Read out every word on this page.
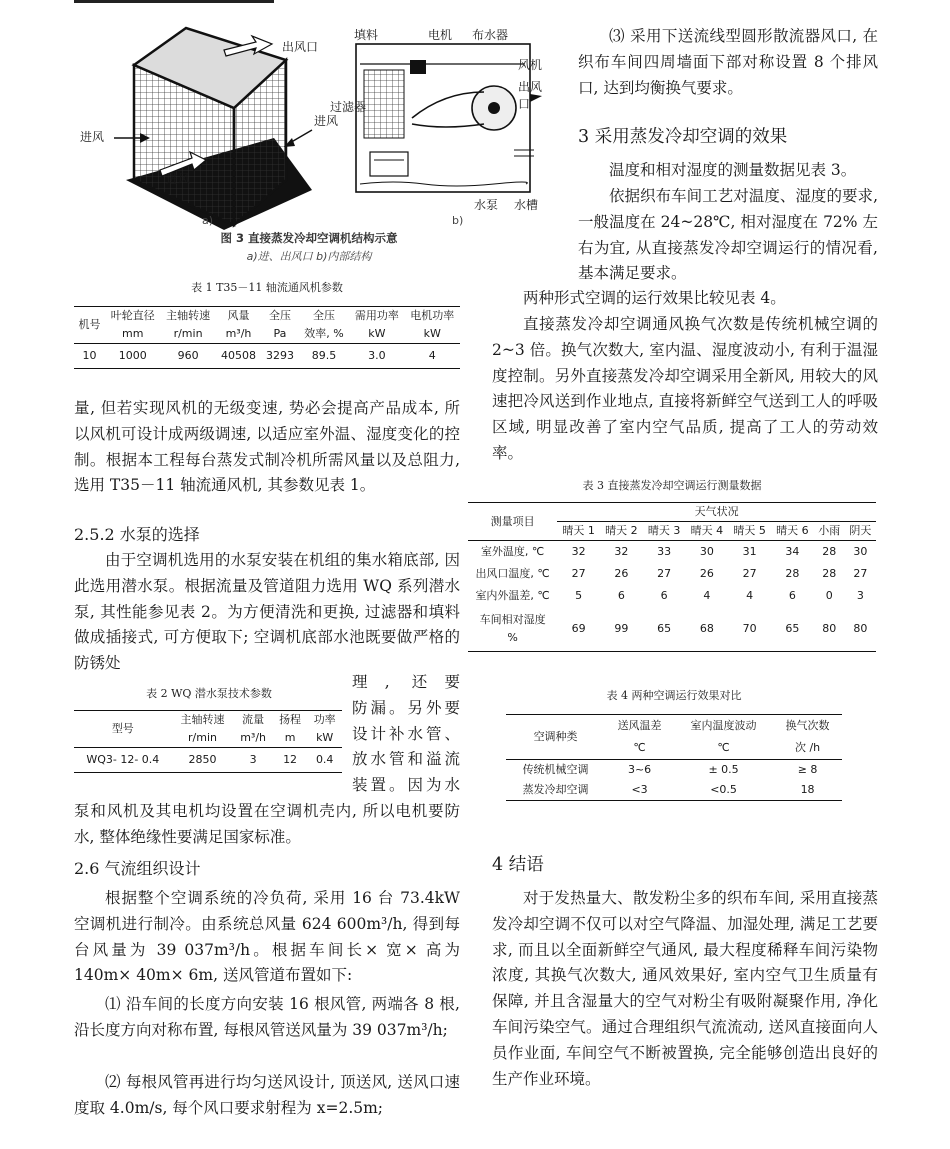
出风口
进风
进风
进风
填料	电机 布水器
风机
出风口
过滤器
水泵 水槽
a)	b)
图 3 直接蒸发冷却空调机结构示意
a)进、出风口 b)内部结构
表 1 T35－11 轴流通风机参数
机号	叶轮直径	主轴转速	风量	全压	全压	需用功率	电机功率
	mm	r/min	m³/h	Pa	效率, %	kW	kW
10	1000	960	40508	3293	89.5	3.0	4

量, 但若实现风机的无级变速, 势必会提高产品成本, 所以风机可设计成两级调速, 以适应室外温、湿度变化的控制。根据本工程每台蒸发式制冷机所需风量以及总阻力, 选用 T35－11 轴流通风机, 其参数见表 1。

2.5.2 水泵的选择

由于空调机选用的水泵安装在机组的集水箱底部, 因此选用潜水泵。根据流量及管道阻力选用 WQ 系列潜水泵, 其性能参见表 2。为方便清洗和更换, 过滤器和填料做成插接式, 可方便取下; 空调机底部水池既要做严格的防锈处

表 2 WQ 潜水泵技术参数
型号	主轴转速	流量	扬程	功率
	r/min	m³/h	m	kW
WQ3- 12- 0.4	2850	3	12	0.4
理, 还要
防漏。另外要
设计补水管、
放水管和溢流
装置。因为水

泵和风机及其电机均设置在空调机壳内, 所以电机要防水, 整体绝缘性要满足国家标准。

2.6 气流组织设计

根据整个空调系统的冷负荷, 采用 16 台 73.4kW 空调机进行制冷。由系统总风量 624 600m³/h, 得到每台风量为 39 037m³/h。根据车间长× 宽× 高为 140m× 40m× 6m, 送风管道布置如下:

⑴ 沿车间的长度方向安装 16 根风管, 两端各 8 根, 沿长度方向对称布置, 每根风管送风量为 39 037m³/h;

⑵ 每根风管再进行均匀送风设计, 顶送风, 送风口速度取 4.0m/s, 每个风口要求射程为 x=2.5m;

⑶ 采用下送流线型圆形散流器风口, 在织布车间四周墙面下部对称设置 8 个排风口, 达到均衡换气要求。

3 采用蒸发冷却空调的效果

温度和相对湿度的测量数据见表 3。

依据织布车间工艺对温度、湿度的要求, 一般温度在 24~28℃, 相对湿度在 72% 左右为宜, 从直接蒸发冷却空调运行的情况看, 基本满足要求。

两种形式空调的运行效果比较见表 4。

直接蒸发冷却空调通风换气次数是传统机械空调的 2~3 倍。换气次数大, 室内温、湿度波动小, 有利于温湿度控制。另外直接蒸发冷却空调采用全新风, 用较大的风速把冷风送到作业地点, 直接将新鲜空气送到工人的呼吸区域, 明显改善了室内空气品质, 提高了工人的劳动效率。

表 3 直接蒸发冷却空调运行测量数据
测量项目	天气状况							
	晴天 1	晴天 2	晴天 3	晴天 4	晴天 5	晴天 6	小雨	阴天
室外温度, ℃	32	32	33	30	31	34	28	30
出风口温度, ℃	27	26	27	26	27	28	28	27
室内外温差, ℃	5	6	6	4	4	6	0	3

车间相对湿度
%	69	99	65	68	70	65	80	80
表 4 两种空调运行效果对比
空调种类	送风温差	室内温度波动	换气次数
	℃	℃	次 /h
传统机械空调	3~6	± 0.5	≥ 8
蒸发冷却空调	<3	<0.5	18

4 结语

对于发热量大、散发粉尘多的织布车间, 采用直接蒸发冷却空调不仅可以对空气降温、加湿处理, 满足工艺要求, 而且以全面新鲜空气通风, 最大程度稀释车间污染物浓度, 其换气次数大, 通风效果好, 室内空气卫生质量有保障, 并且含湿量大的空气对粉尘有吸附凝聚作用, 净化车间污染空气。通过合理组织气流流动, 送风直接面向人员作业面, 车间空气不断被置换, 完全能够创造出良好的生产作业环境。
